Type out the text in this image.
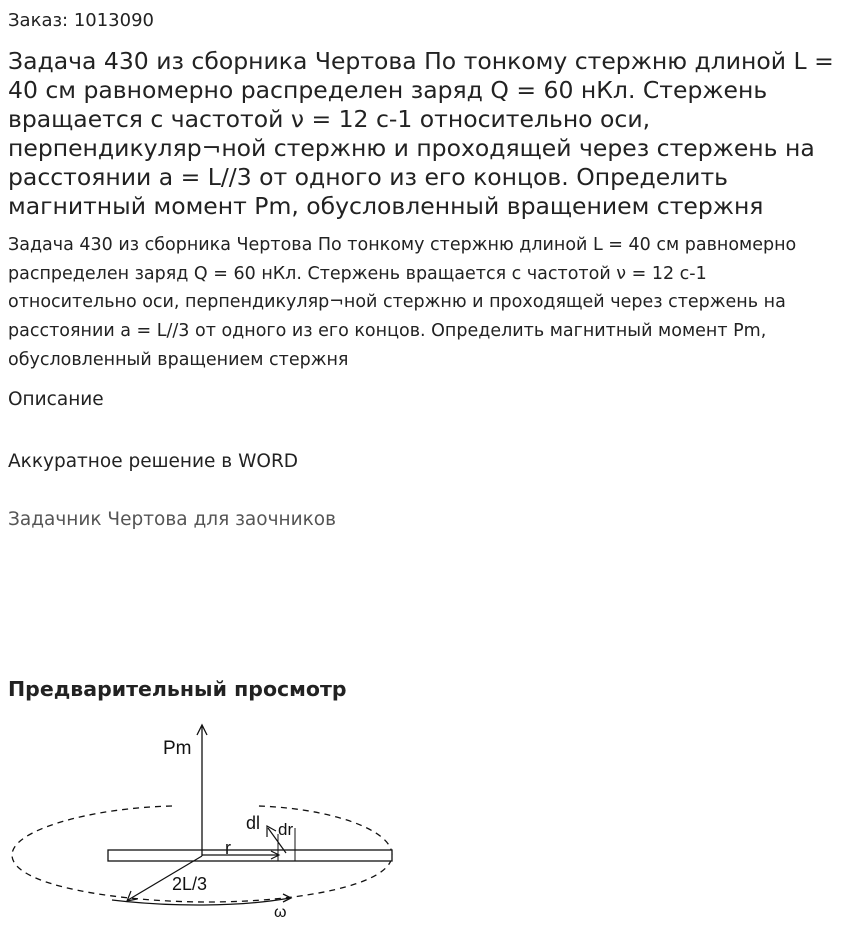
Заказ: 1013090
Задача 430 из сборника Чертова По тонкому стержню длиной L = 40 см равномерно распределен заряд Q = 60 нКл. Стержень вращается с частотой ν = 12 с-1 относительно оси, перпендикуляр¬ной стержню и проходящей через стержень на расстоянии a = L//3 от одного из его концов. Определить магнитный момент Pm, обусловленный вращением стержня
Задача 430 из сборника Чертова По тонкому стержню длиной L = 40 см равномерно распределен заряд Q = 60 нКл. Стержень вращается с частотой ν = 12 с-1 относительно оси, перпендикуляр¬ной стержню и проходящей через стержень на расстоянии a = L//3 от одного из его концов. Определить магнитный момент Pm, обусловленный вращением стержня
Описание
Аккуратное решение в WORD
Задачник Чертова для заочников
Предварительный просмотр
Pm
dl dr
r
2L/3
ω
